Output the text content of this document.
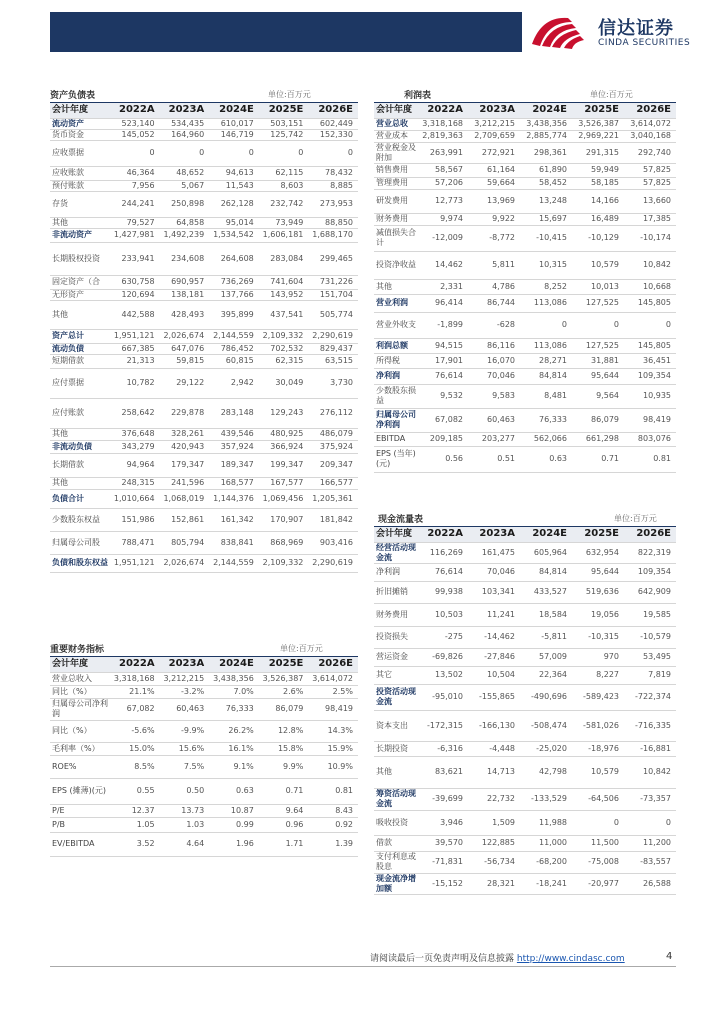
信达证券
CINDA SECURITIES
资产负债表	单位:百万元
会计年度	2022A	2023A	2024E	2025E	2026E
流动资产	523,140	534,435	610,017	503,151	602,449
货币资金	145,052	164,960	146,719	125,742	152,330
应收票据	0	0	0	0	0
应收账款	46,364	48,652	94,613	62,115	78,432
预付账款	7,956	5,067	11,543	8,603	8,885
存货	244,241	250,898	262,128	232,742	273,953
其他	79,527	64,858	95,014	73,949	88,850
非流动资产	1,427,981	1,492,239	1,534,542	1,606,181	1,688,170
长期股权投资	233,941	234,608	264,608	283,084	299,465
固定资产（合	630,758	690,957	736,269	741,604	731,226
无形资产	120,694	138,181	137,766	143,952	151,704
其他	442,588	428,493	395,899	437,541	505,774
资产总计	1,951,121	2,026,674	2,144,559	2,109,332	2,290,619
流动负债	667,385	647,076	786,452	702,532	829,437
短期借款	21,313	59,815	60,815	62,315	63,515
应付票据	10,782	29,122	2,942	30,049	3,730
应付账款	258,642	229,878	283,148	129,243	276,112
其他	376,648	328,261	439,546	480,925	486,079
非流动负债	343,279	420,943	357,924	366,924	375,924
长期借款	94,964	179,347	189,347	199,347	209,347
其他	248,315	241,596	168,577	167,577	166,577
负债合计	1,010,664	1,068,019	1,144,376	1,069,456	1,205,361
少数股东权益	151,986	152,861	161,342	170,907	181,842
归属母公司股	788,471	805,794	838,841	868,969	903,416
负债和股东权益	1,951,121	2,026,674	2,144,559	2,109,332	2,290,619
重要财务指标	单位:百万元
会计年度	2022A	2023A	2024E	2025E	2026E
营业总收入	3,318,168	3,212,215	3,438,356	3,526,387	3,614,072
同比（%）	21.1%	-3.2%	7.0%	2.6%	2.5%
归属母公司净利润	67,082	60,463	76,333	86,079	98,419
同比（%）	-5.6%	-9.9%	26.2%	12.8%	14.3%
毛利率（%）	15.0%	15.6%	16.1%	15.8%	15.9%
ROE%	8.5%	7.5%	9.1%	9.9%	10.9%
EPS (摊薄)(元)	0.55	0.50	0.63	0.71	0.81
P/E	12.37	13.73	10.87	9.64	8.43
P/B	1.05	1.03	0.99	0.96	0.92
EV/EBITDA	3.52	4.64	1.96	1.71	1.39
利润表	单位:百万元
会计年度	2022A	2023A	2024E	2025E	2026E
营业总收	3,318,168	3,212,215	3,438,356	3,526,387	3,614,072
营业成本	2,819,363	2,709,659	2,885,774	2,969,221	3,040,168
营业税金及附加	263,991	272,921	298,361	291,315	292,740
销售费用	58,567	61,164	61,890	59,949	57,825
管理费用	57,206	59,664	58,452	58,185	57,825
研发费用	12,773	13,969	13,248	14,166	13,660
财务费用	9,974	9,922	15,697	16,489	17,385
减值损失合计	-12,009	-8,772	-10,415	-10,129	-10,174
投资净收益	14,462	5,811	10,315	10,579	10,842
其他	2,331	4,786	8,252	10,013	10,668
营业利润	96,414	86,744	113,086	127,525	145,805
营业外收支	-1,899	-628	0	0	0
利润总额	94,515	86,116	113,086	127,525	145,805
所得税	17,901	16,070	28,271	31,881	36,451
净利润	76,614	70,046	84,814	95,644	109,354
少数股东损益	9,532	9,583	8,481	9,564	10,935
归属母公司净利润	67,082	60,463	76,333	86,079	98,419
EBITDA	209,185	203,277	562,066	661,298	803,076
EPS (当年)(元)	0.56	0.51	0.63	0.71	0.81
现金流量表	单位:百万元
会计年度	2022A	2023A	2024E	2025E	2026E
经营活动现金流	116,269	161,475	605,964	632,954	822,319
净利润	76,614	70,046	84,814	95,644	109,354
折旧摊销	99,938	103,341	433,527	519,636	642,909
财务费用	10,503	11,241	18,584	19,056	19,585
投资损失	-275	-14,462	-5,811	-10,315	-10,579
营运资金	-69,826	-27,846	57,009	970	53,495
其它	13,502	10,504	22,364	8,227	7,819
投资活动现金流	-95,010	-155,865	-490,696	-589,423	-722,374
资本支出	-172,315	-166,130	-508,474	-581,026	-716,335
长期投资	-6,316	-4,448	-25,020	-18,976	-16,881
其他	83,621	14,713	42,798	10,579	10,842
筹资活动现金流	-39,699	22,732	-133,529	-64,506	-73,357
吸收投资	3,946	1,509	11,988	0	0
借款	39,570	122,885	11,000	11,500	11,200
支付利息或股息	-71,831	-56,734	-68,200	-75,008	-83,557
现金流净增加额	-15,152	28,321	-18,241	-20,977	26,588
请阅读最后一页免责声明及信息披露 http://www.cindasc.com	4
